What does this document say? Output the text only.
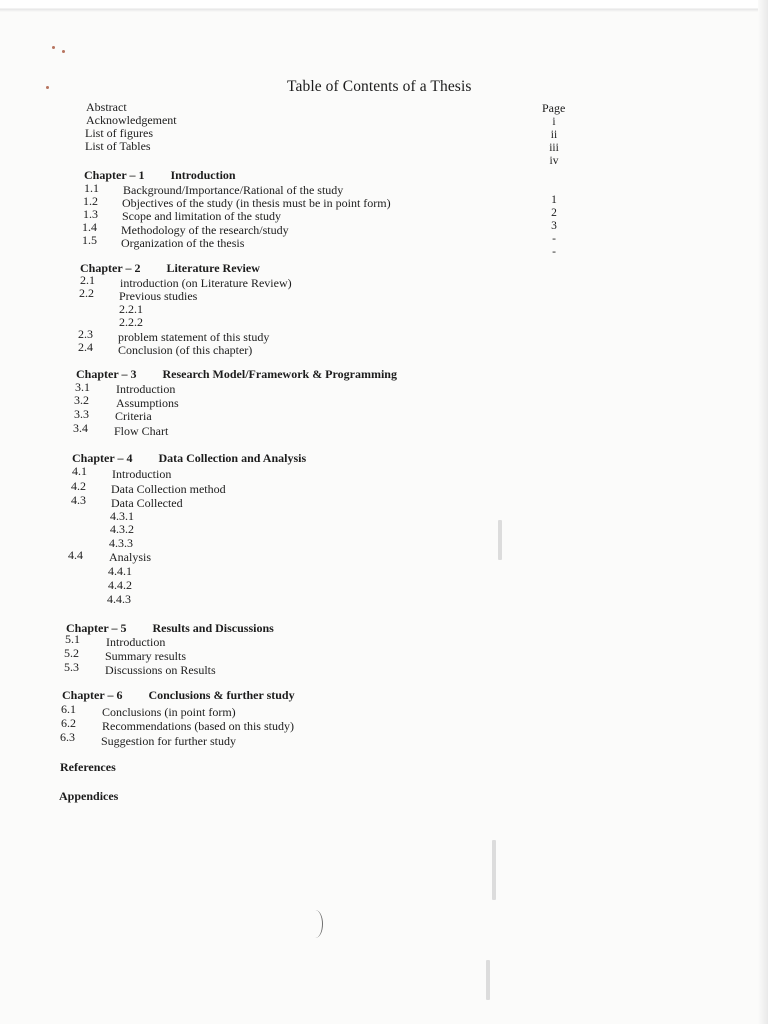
Table of Contents of a Thesis
Page
Abstract
Acknowledgement
List of figures
List of Tables
i
ii
iii
iv
Chapter – 1 Introduction
1.1 Background/Importance/Rational of the study
1.2 Objectives of the study (in thesis must be in point form)
1.3 Scope and limitation of the study
1.4 Methodology of the research/study
1.5 Organization of the thesis
1
2
3
-
-
Chapter – 2 Literature Review
2.1 introduction (on Literature Review)
2.2 Previous studies
2.2.1
2.2.2
2.3 problem statement of this study
2.4 Conclusion (of this chapter)
Chapter – 3 Research Model/Framework & Programming
3.1 Introduction
3.2 Assumptions
3.3 Criteria
3.4 Flow Chart
Chapter – 4 Data Collection and Analysis
4.1 Introduction
4.2 Data Collection method
4.3 Data Collected
4.3.1
4.3.2
4.3.3
4.4 Analysis
4.4.1
4.4.2
4.4.3
Chapter – 5 Results and Discussions
5.1 Introduction
5.2 Summary results
5.3 Discussions on Results
Chapter – 6 Conclusions & further study
6.1 Conclusions (in point form)
6.2 Recommendations (based on this study)
6.3 Suggestion for further study
References
Appendices
